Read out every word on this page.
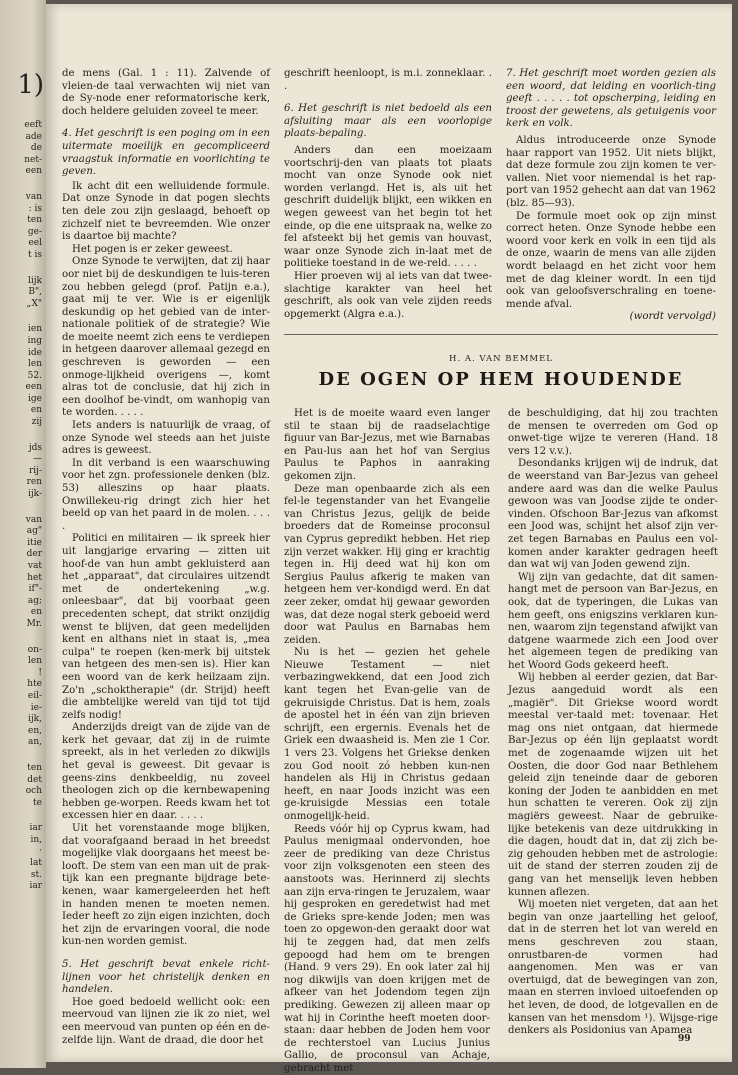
1)

eeft

ade

de

net-

een

van

: is

ten

ge-

eel

t is

lijk

B",

„X"

ien

ing

ide

len

52.

een

ige

en

zij

jds

—

rij-

ren

ijk-

van

ag"

itie

der

vat

het

if"-

ag;

en

Mr.

on-

len

!

hte

eil-

ie-

ijk,

en,

an,

ten

det

och

te

iar

in,

·

lat

st.

iar

de mens (Gal. 1 : 11). Zalvende of vleien-de taal verwachten wij niet van de Sy-node ener reformatorische kerk, doch heldere geluiden zoveel te meer.

4. Het geschrift is een poging om in een uitermate moeilijk en gecompliceerd vraagstuk informatie en voorlichting te geven.

Ik acht dit een welluidende formule. Dat onze Synode in dat pogen slechts ten dele zou zijn geslaagd, behoeft op zichzelf niet te bevreemden. Wie onzer is daartoe bij machte?

Het pogen is er zeker geweest.

Onze Synode te verwijten, dat zij haar oor niet bij de deskundigen te luis-teren zou hebben gelegd (prof. Patijn e.a.), gaat mij te ver. Wie is er eigenlijk deskundig op het gebied van de inter-nationale politiek of de strategie? Wie de moeite neemt zich eens te verdiepen in hetgeen daarover allemaal gezegd en geschreven is geworden — een onmoge-lijkheid overigens —, komt alras tot de conclusie, dat hij zich in een doolhof be-vindt, om wanhopig van te worden. . . . .

Iets anders is natuurlijk de vraag, of onze Synode wel steeds aan het juiste adres is geweest.

In dit verband is een waarschuwing voor het zgn. professionele denken (blz. 53) alleszins op haar plaats. Onwillekeu-rig dringt zich hier het beeld op van het paard in de molen. . . . .

Politici en militairen — ik spreek hier uit langjarige ervaring — zitten uit hoof-de van hun ambt gekluisterd aan het „apparaat", dat circulaires uitzendt met de ondertekening „w.g. onleesbaar", dat bij voorbaat geen precedenten schept, dat strikt onzijdig wenst te blijven, dat geen medelijden kent en althans niet in staat is, „mea culpa" te roepen (ken-merk bij uitstek van hetgeen des men-sen is). Hier kan een woord van de kerk heilzaam zijn. Zo'n „schoktherapie" (dr. Strijd) heeft die ambtelijke wereld van tijd tot tijd zelfs nodig!

Anderzijds dreigt van de zijde van de kerk het gevaar, dat zij in de ruimte spreekt, als in het verleden zo dikwijls het geval is geweest. Dit gevaar is geens-zins denkbeeldig, nu zoveel theologen zich op die kernbewapening hebben ge-worpen. Reeds kwam het tot excessen hier en daar. . . . .

Uit het vorenstaande moge blijken, dat voorafgaand beraad in het breedst mogelijke vlak doorgaans het meest be-looft. De stem van een man uit de prak-tijk kan een pregnante bijdrage bete-kenen, waar kamergeleerden het heft in handen menen te moeten nemen. Ieder heeft zo zijn eigen inzichten, doch het zijn de ervaringen vooral, die node kun-nen worden gemist.

5. Het geschrift bevat enkele richt-lijnen voor het christelijk denken en handelen.

Hoe goed bedoeld wellicht ook: een meervoud van lijnen zie ik zo niet, wel een meervoud van punten op één en de-zelfde lijn. Want de draad, die door het

geschrift heenloopt, is m.i. zonneklaar. . .

6. Het geschrift is niet bedoeld als een afsluiting maar als een voorlopige plaats-bepaling.

Anders dan een moeizaam voortschrij-den van plaats tot plaats mocht van onze Synode ook niet worden verlangd. Het is, als uit het geschrift duidelijk blijkt, een wikken en wegen geweest van het begin tot het einde, op die ene uitspraak na, welke zo fel afsteekt bij het gemis van houvast, waar onze Synode zich in-laat met de politieke toestand in de we-reld. . . . .

Hier proeven wij al iets van dat twee-slachtige karakter van heel het geschrift, als ook van vele zijden reeds opgemerkt (Algra e.a.).

7. Het geschrift moet worden gezien als een woord, dat leiding en voorlich-ting geeft . . . . . tot opscherping, leiding en troost der gewetens, als getuigenis voor kerk en volk.

Aldus introduceerde onze Synode haar rapport van 1952. Uit niets blijkt, dat deze formule zou zijn komen te ver-vallen. Niet voor niemendal is het rap-port van 1952 gehecht aan dat van 1962 (blz. 85—93).

De formule moet ook op zijn minst correct heten. Onze Synode hebbe een woord voor kerk en volk in een tijd als de onze, waarin de mens van alle zijden wordt belaagd en het zicht voor hem met de dag kleiner wordt. In een tijd ook van geloofsverschraling en toene-mende afval.

(wordt vervolgd)

H. A. VAN BEMMEL
DE OGEN OP HEM HOUDENDE

Het is de moeite waard even langer stil te staan bij de raadselachtige figuur van Bar-Jezus, met wie Barnabas en Pau-lus aan het hof van Sergius Paulus te Paphos in aanraking gekomen zijn.

Deze man openbaarde zich als een fel-le tegenstander van het Evangelie van Christus Jezus, gelijk de beide broeders dat de Romeinse proconsul van Cyprus gepredikt hebben. Het riep zijn verzet wakker. Hij ging er krachtig tegen in. Hij deed wat hij kon om Sergius Paulus afkerig te maken van hetgeen hem ver-kondigd werd. En dat zeer zeker, omdat hij gewaar geworden was, dat deze nogal sterk geboeid werd door wat Paulus en Barnabas hem zeiden.

Nu is het — gezien het gehele Nieuwe Testament — niet verbazingwekkend, dat een Jood zich kant tegen het Evan-gelie van de gekruisigde Christus. Dat is hem, zoals de apostel het in één van zijn brieven schrijft, een ergernis. Evenals het de Griek een dwaasheid is. Men zie 1 Cor. 1 vers 23. Volgens het Griekse denken zou God nooit zó hebben kun-nen handelen als Hij in Christus gedaan heeft, en naar Joods inzicht was een ge-kruisigde Messias een totale onmogelijk-heid.

Reeds vóór hij op Cyprus kwam, had Paulus menigmaal ondervonden, hoe zeer de prediking van deze Christus voor zijn volksgenoten een steen des aanstoots was. Herinnerd zij slechts aan zijn erva-ringen te Jeruzalem, waar hij gesproken en geredetwist had met de Grieks spre-kende Joden; men was toen zo opgewon-den geraakt door wat hij te zeggen had, dat men zelfs gepoogd had hem om te brengen (Hand. 9 vers 29). En ook later zal hij nog dikwijls van doen krijgen met de afkeer van het Jodendom tegen zijn prediking. Gewezen zij alleen maar op wat hij in Corinthe heeft moeten door-staan: daar hebben de Joden hem voor de rechterstoel van Lucius Junius Gallio, de proconsul van Achaje, gebracht met

de beschuldiging, dat hij zou trachten de mensen te overreden om God op onwet-tige wijze te vereren (Hand. 18 vers 12 v.v.).

Desondanks krijgen wij de indruk, dat de weerstand van Bar-Jezus van geheel andere aard was dan die welke Paulus gewoon was van Joodse zijde te onder-vinden. Ofschoon Bar-Jezus van afkomst een Jood was, schijnt het alsof zijn ver-zet tegen Barnabas en Paulus een vol-komen ander karakter gedragen heeft dan wat wij van Joden gewend zijn.

Wij zijn van gedachte, dat dit samen-hangt met de persoon van Bar-Jezus, en ook, dat de typeringen, die Lukas van hem geeft, ons enigszins verklaren kun-nen, waarom zijn tegenstand afwijkt van datgene waarmede zich een Jood over het algemeen tegen de prediking van het Woord Gods gekeerd heeft.

Wij hebben al eerder gezien, dat Bar-Jezus aangeduid wordt als een „magiër". Dit Griekse woord wordt meestal ver-taald met: tovenaar. Het mag ons niet ontgaan, dat hiermede Bar-Jezus op één lijn geplaatst wordt met de zogenaamde wijzen uit het Oosten, die door God naar Bethlehem geleid zijn teneinde daar de geboren koning der Joden te aanbidden en met hun schatten te vereren. Ook zij zijn magiërs geweest. Naar de gebruike-lijke betekenis van deze uitdrukking in die dagen, houdt dat in, dat zij zich be-zig gehouden hebben met de astrologie: uit de stand der sterren zouden zij de gang van het menselijk leven hebben kunnen aflezen.

Wij moeten niet vergeten, dat aan het begin van onze jaartelling het geloof, dat in de sterren het lot van wereld en mens geschreven zou staan, onrustbaren-de vormen had aangenomen. Men was er van overtuigd, dat de bewegingen van zon, maan en sterren invloed uitoefenden op het leven, de dood, de lotgevallen en de kansen van het mensdom ¹). Wijsge-rige denkers als Posidonius van Apamea

99
